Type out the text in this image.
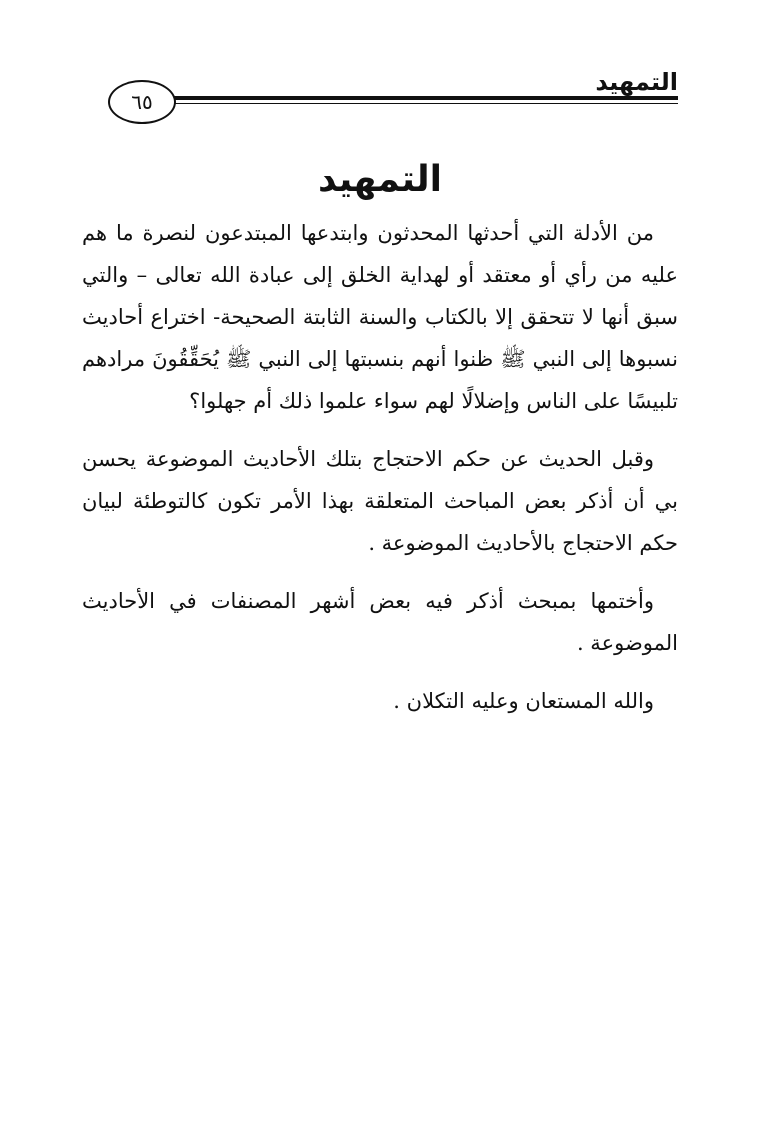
التمهيد
٦٥
التمهيد

من الأدلة التي أحدثها المحدثون وابتدعها المبتدعون لنصرة ما هم عليه من رأي أو معتقد أو لهداية الخلق إلى عبادة الله تعالى – والتي سبق أنها لا تتحقق إلا بالكتاب والسنة الثابتة الصحيحة- اختراع أحاديث نسبوها إلى النبي ﷺ ظنوا أنهم بنسبتها إلى النبي ﷺ يُحَقِّقُونَ مرادهم تلبيسًا على الناس وإضلالًا لهم سواء علموا ذلك أم جهلوا؟

وقبل الحديث عن حكم الاحتجاج بتلك الأحاديث الموضوعة يحسن بي أن أذكر بعض المباحث المتعلقة بهذا الأمر تكون كالتوطئة لبيان حكم الاحتجاج بالأحاديث الموضوعة .

وأختمها بمبحث أذكر فيه بعض أشهر المصنفات في الأحاديث الموضوعة .

والله المستعان وعليه التكلان .
